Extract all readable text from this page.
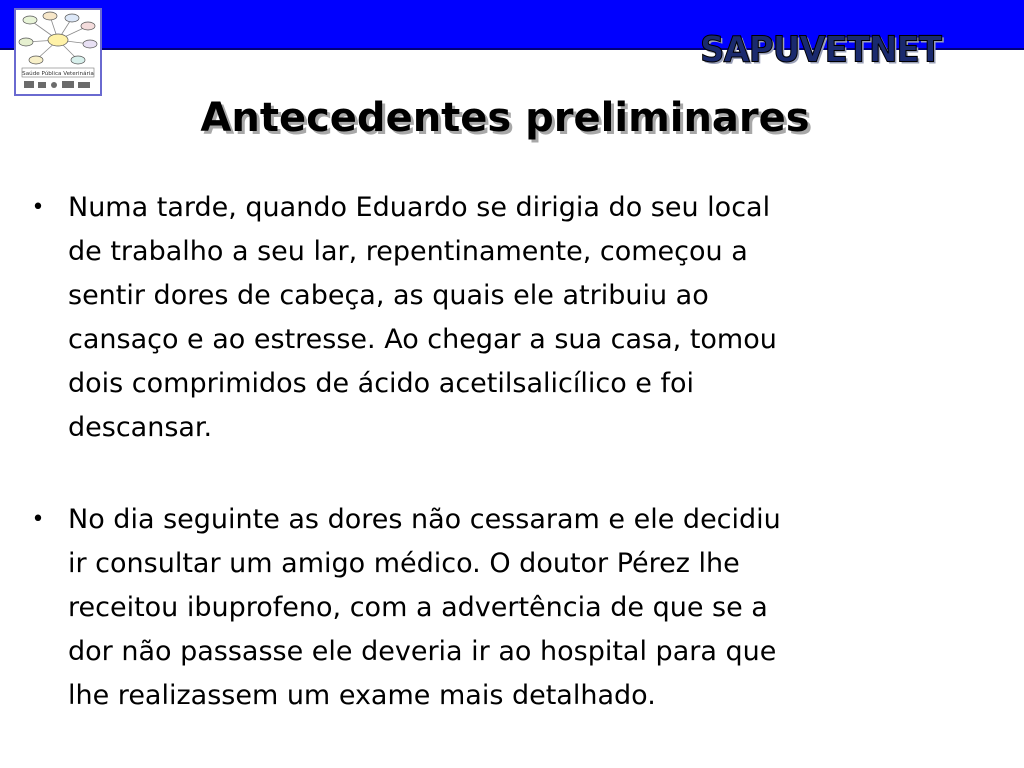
Saúde Pública Veterinária
SAPUVETNET
Antecedentes preliminares
• Numa tarde, quando Eduardo se dirigia do seu local
de trabalho a seu lar, repentinamente, começou a
sentir dores de cabeça, as quais ele atribuiu ao
cansaço e ao estresse. Ao chegar a sua casa, tomou
dois comprimidos de ácido acetilsalicílico e foi
descansar.
• No dia seguinte as dores não cessaram e ele decidiu
ir consultar um amigo médico. O doutor Pérez lhe
receitou ibuprofeno, com a advertência de que se a
dor não passasse ele deveria ir ao hospital para que
lhe realizassem um exame mais detalhado.
